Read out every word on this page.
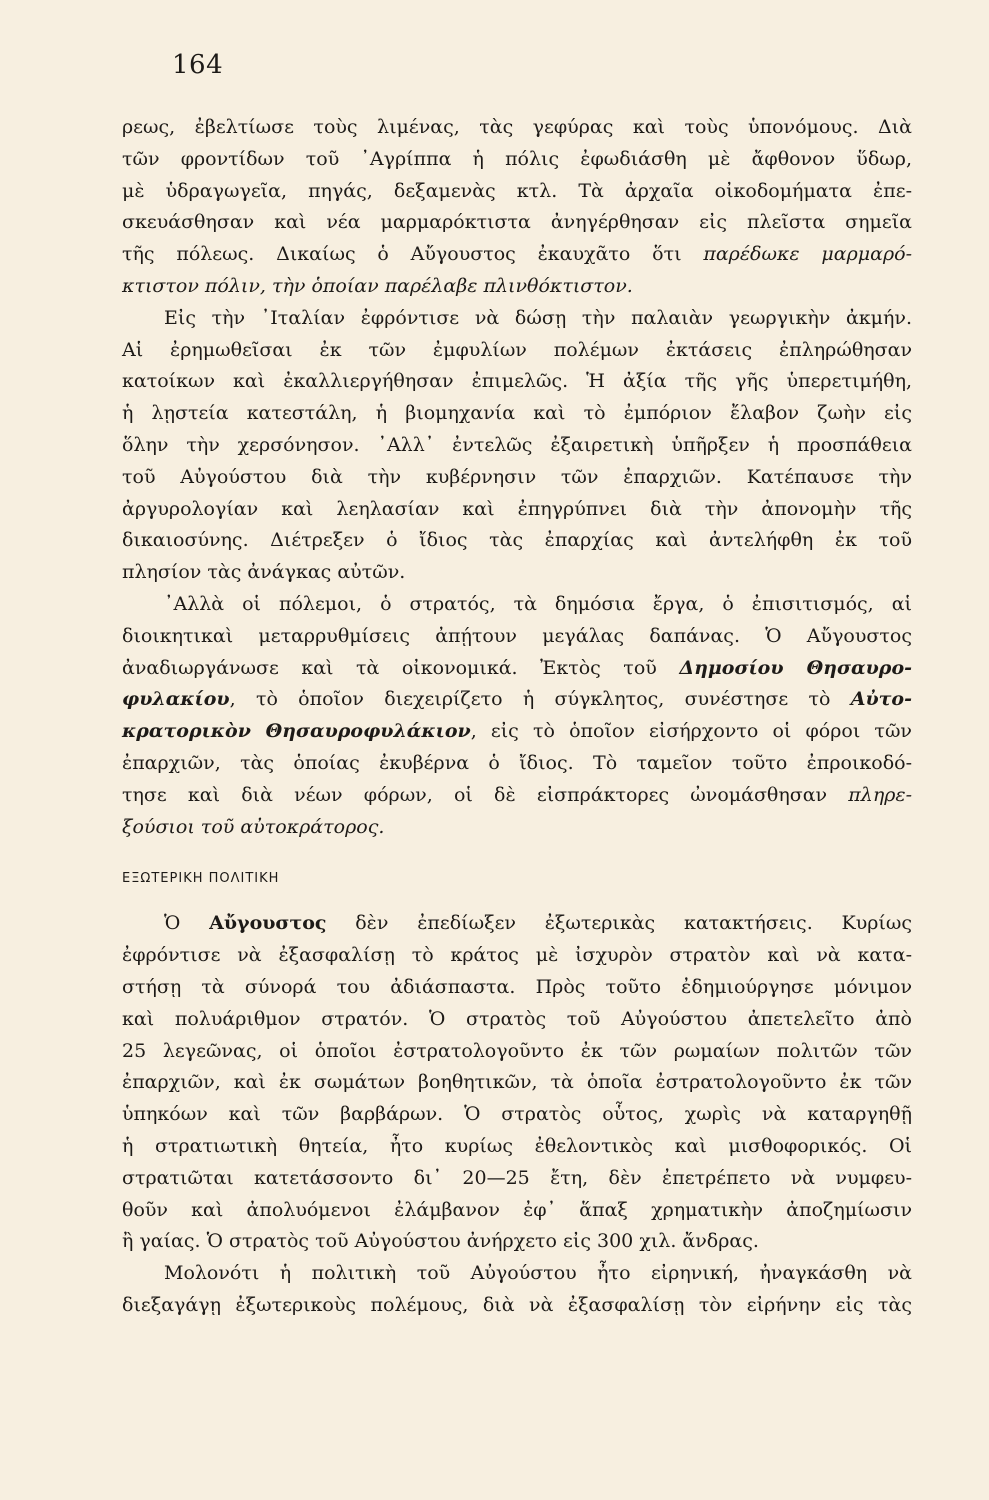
164
ρεως, ἐβελτίωσε τοὺς λιμένας, τὰς γεφύρας καὶ τοὺς ὑπονόμους. Διὰ
τῶν φροντίδων τοῦ ᾿Αγρίππα ἡ πόλις ἐφωδιάσθη μὲ ἄφθονον ὕδωρ,
μὲ ὑδραγωγεῖα, πηγάς, δεξαμενὰς κτλ. Τὰ ἀρχαῖα οἰκοδομήματα ἐπε-
σκευάσθησαν καὶ νέα μαρμαρόκτιστα ἀνηγέρθησαν εἰς πλεῖστα σημεῖα
τῆς πόλεως. Δικαίως ὁ Αὔγουστος ἐκαυχᾶτο ὅτι παρέδωκε μαρμαρό-
κτιστον πόλιν, τὴν ὁποίαν παρέλαβε πλινθόκτιστον.
Εἰς τὴν ᾿Ιταλίαν ἐφρόντισε νὰ δώσῃ τὴν παλαιὰν γεωργικὴν ἀκμήν.
Αἱ ἐρημωθεῖσαι ἐκ τῶν ἐμφυλίων πολέμων ἐκτάσεις ἐπληρώθησαν
κατοίκων καὶ ἐκαλλιεργήθησαν ἐπιμελῶς. Ἡ ἀξία τῆς γῆς ὑπερετιμήθη,
ἡ λῃστεία κατεστάλη, ἡ βιομηχανία καὶ τὸ ἐμπόριον ἔλαβον ζωὴν εἰς
ὅλην τὴν χερσόνησον. ᾿Αλλ᾿ ἐντελῶς ἐξαιρετικὴ ὑπῆρξεν ἡ προσπάθεια
τοῦ Αὐγούστου διὰ τὴν κυβέρνησιν τῶν ἐπαρχιῶν. Κατέπαυσε τὴν
ἀργυρολογίαν καὶ λεηλασίαν καὶ ἐπηγρύπνει διὰ τὴν ἀπονομὴν τῆς
δικαιοσύνης. Διέτρεξεν ὁ ἴδιος τὰς ἐπαρχίας καὶ ἀντελήφθη ἐκ τοῦ
πλησίον τὰς ἀνάγκας αὐτῶν.
᾿Αλλὰ οἱ πόλεμοι, ὁ στρατός, τὰ δημόσια ἔργα, ὁ ἐπισιτισμός, αἱ
διοικητικαὶ μεταρρυθμίσεις ἀπῄτουν μεγάλας δαπάνας. Ὁ Αὔγουστος
ἀναδιωργάνωσε καὶ τὰ οἰκονομικά. Ἐκτὸς τοῦ Δημοσίου Θησαυρο-
φυλακίου, τὸ ὁποῖον διεχειρίζετο ἡ σύγκλητος, συνέστησε τὸ Αὐτο-
κρατορικὸν Θησαυροφυλάκιον, εἰς τὸ ὁποῖον εἰσήρχοντο οἱ φόροι τῶν
ἐπαρχιῶν, τὰς ὁποίας ἐκυβέρνα ὁ ἴδιος. Τὸ ταμεῖον τοῦτο ἐπροικοδό-
τησε καὶ διὰ νέων φόρων, οἱ δὲ εἰσπράκτορες ὠνομάσθησαν πληρε-
ξούσιοι τοῦ αὐτοκράτορος.
ΕΞΩΤΕΡΙΚΗ ΠΟΛΙΤΙΚΗ
Ὁ Αὔγουστος δὲν ἐπεδίωξεν ἐξωτερικὰς κατακτήσεις. Κυρίως
ἐφρόντισε νὰ ἐξασφαλίσῃ τὸ κράτος μὲ ἰσχυρὸν στρατὸν καὶ νὰ κατα-
στήσῃ τὰ σύνορά του ἀδιάσπαστα. Πρὸς τοῦτο ἐδημιούργησε μόνιμον
καὶ πολυάριθμον στρατόν. Ὁ στρατὸς τοῦ Αὐγούστου ἀπετελεῖτο ἀπὸ
25 λεγεῶνας, οἱ ὁποῖοι ἐστρατολογοῦντο ἐκ τῶν ρωμαίων πολιτῶν τῶν
ἐπαρχιῶν, καὶ ἐκ σωμάτων βοηθητικῶν, τὰ ὁποῖα ἐστρατολογοῦντο ἐκ τῶν
ὑπηκόων καὶ τῶν βαρβάρων. Ὁ στρατὸς οὗτος, χωρὶς νὰ καταργηθῇ
ἡ στρατιωτικὴ θητεία, ἦτο κυρίως ἐθελοντικὸς καὶ μισθοφορικός. Οἱ
στρατιῶται κατετάσσοντο δι᾿ 20—25 ἔτη, δὲν ἐπετρέπετο νὰ νυμφευ-
θοῦν καὶ ἀπολυόμενοι ἐλάμβανον ἐφ᾿ ἅπαξ χρηματικὴν ἀποζημίωσιν
ἢ γαίας. Ὁ στρατὸς τοῦ Αὐγούστου ἀνήρχετο εἰς 300 χιλ. ἄνδρας.
Μολονότι ἡ πολιτικὴ τοῦ Αὐγούστου ἦτο εἰρηνική, ἠναγκάσθη νὰ
διεξαγάγῃ ἐξωτερικοὺς πολέμους, διὰ νὰ ἐξασφαλίσῃ τὸν εἰρήνην εἰς τὰς
